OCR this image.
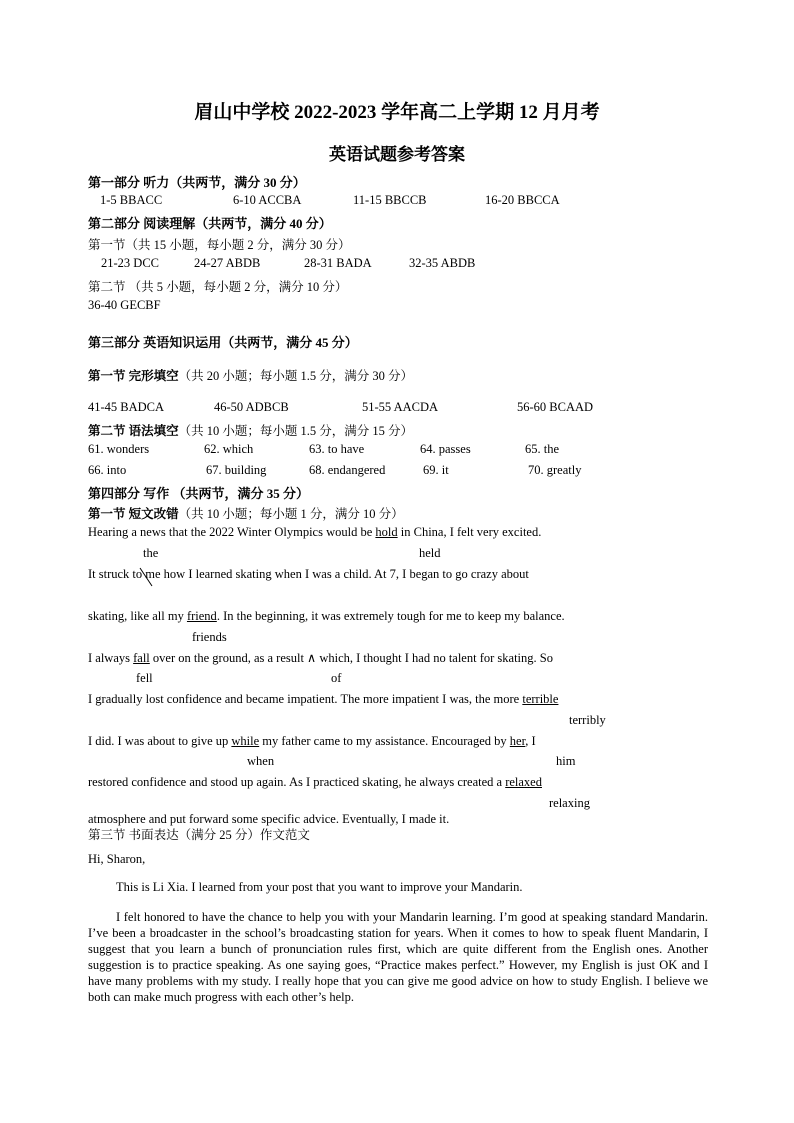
眉山中学校 2022-2023 学年高二上学期 12 月月考
英语试题参考答案
第一部分 听力（共两节，满分 30 分）
1-5 BBACC	6-10 ACCBA	11-15 BBCCB	16-20 BBCCA
第二部分 阅读理解（共两节，满分 40 分）
第一节（共 15 小题，每小题 2 分，满分 30 分）
21-23 DCC	24-27 ABDB	28-31 BADA	32-35 ABDB
第二节 （共 5 小题，每小题 2 分，满分 10 分）
36-40 GECBF
第三部分 英语知识运用（共两节，满分 45 分）
第一节 完形填空（共 20 小题；每小题 1.5 分，满分 30 分）
41-45 BADCA	46-50 ADBCB	51-55 AACDA	56-60 BCAAD
第二节 语法填空（共 10 小题；每小题 1.5 分，满分 15 分）
61. wonders	62. which	63. to have	64. passes	65. the
66. into	67. building	68. endangered	69. it	70. greatly
第四部分 写作 （共两节，满分 35 分）
第一节 短文改错（共 10 小题；每小题 1 分，满分 10 分）
Hearing a news that the 2022 Winter Olympics would be hold in China, I felt very excited.
the	held
It struck to me how I learned skating when I was a child. At 7, I began to go crazy about
skating, like all my friend. In the beginning, it was extremely tough for me to keep my balance.
friends
I always fall over on the ground, as a result ∧ which, I thought I had no talent for skating. So
fell	of
I gradually lost confidence and became impatient. The more impatient I was, the more terrible
terribly
I did. I was about to give up while my father came to my assistance. Encouraged by her, I
when	him
restored confidence and stood up again. As I practiced skating, he always created a relaxed
relaxing
atmosphere and put forward some specific advice. Eventually, I made it.
第三节 书面表达（满分 25 分）作文范文
Hi, Sharon,
This is Li Xia. I learned from your post that you want to improve your Mandarin.
I felt honored to have the chance to help you with your Mandarin learning. I’m good at speaking standard Mandarin. I’ve been a broadcaster in the school’s broadcasting station for years. When it comes to how to speak fluent Mandarin, I suggest that you learn a bunch of pronunciation rules first, which are quite different from the English ones. Another suggestion is to practice speaking. As one saying goes, “Practice makes perfect.” However, my English is just OK and I have many problems with my study. I really hope that you can give me good advice on how to study English. I believe we both can make much progress with each other’s help.
